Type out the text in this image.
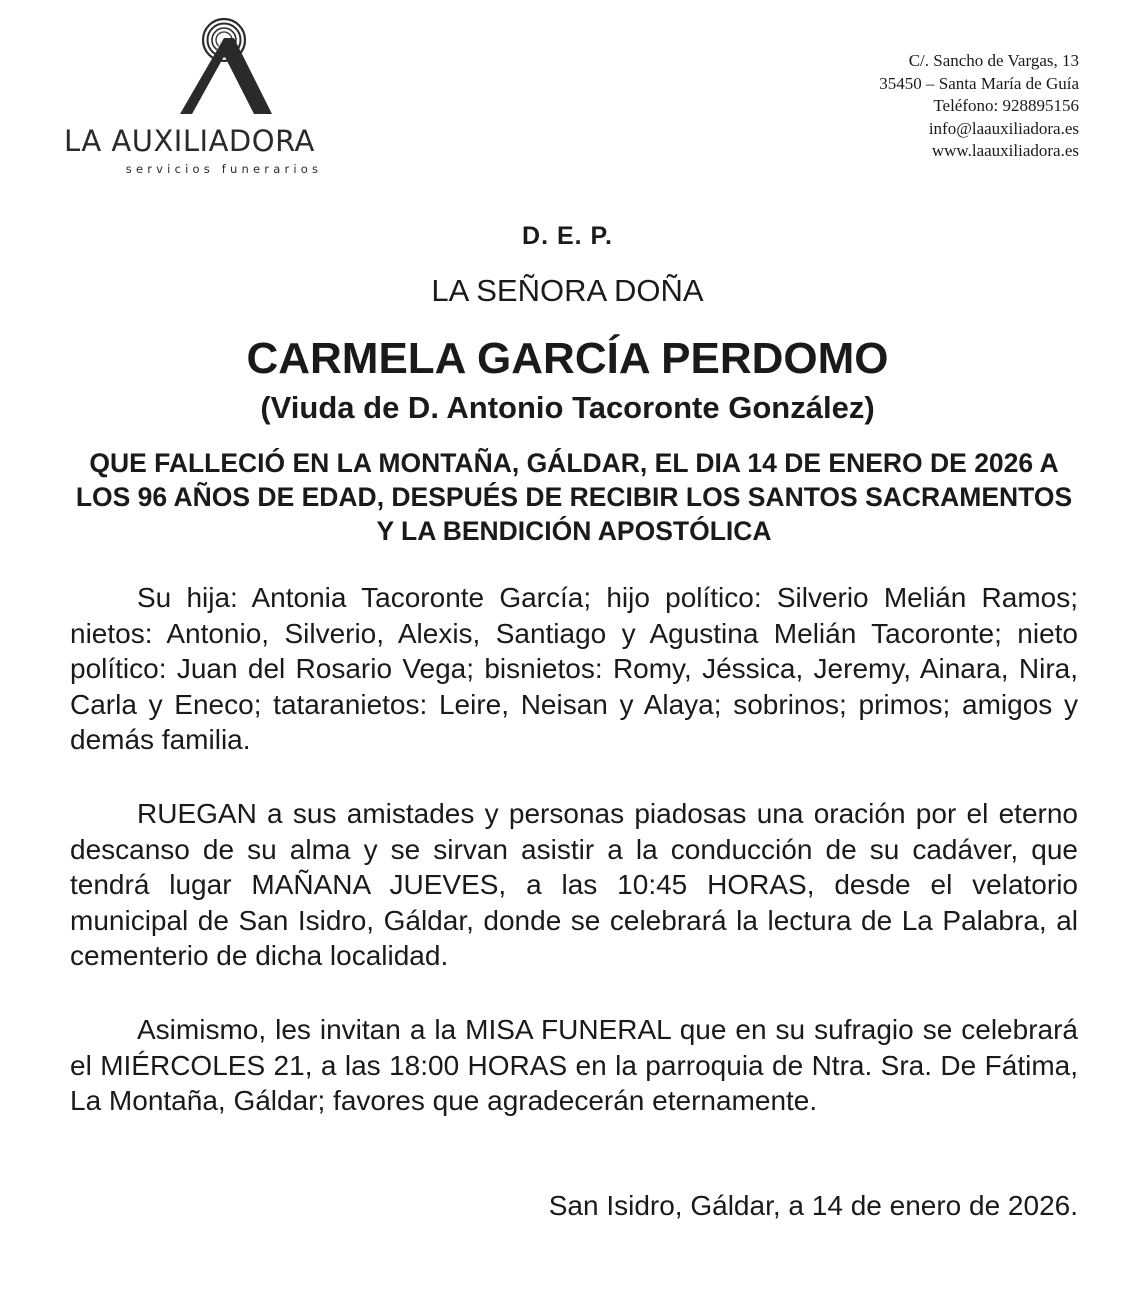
LA AUXILIADORA
servicios funerarios
C/. Sancho de Vargas, 13
35450 – Santa María de Guía
Teléfono: 928895156
info@laauxiliadora.es
www.laauxiliadora.es
D. E. P.
LA SEÑORA DOÑA
CARMELA GARCÍA PERDOMO
(Viuda de D. Antonio Tacoronte González)
QUE FALLECIÓ EN LA MONTAÑA, GÁLDAR, EL DIA 14 DE ENERO DE 2026 A LOS 96 AÑOS DE EDAD, DESPUÉS DE RECIBIR LOS SANTOS SACRAMENTOS Y LA BENDICIÓN APOSTÓLICA
Su hija: Antonia Tacoronte García; hijo político: Silverio Melián Ramos; nietos: Antonio, Silverio, Alexis, Santiago y Agustina Melián Tacoronte; nieto político: Juan del Rosario Vega; bisnietos: Romy, Jéssica, Jeremy, Ainara, Nira, Carla y Eneco; tataranietos: Leire, Neisan y Alaya; sobrinos; primos; amigos y demás familia.
RUEGAN a sus amistades y personas piadosas una oración por el eterno descanso de su alma y se sirvan asistir a la conducción de su cadáver, que tendrá lugar MAÑANA JUEVES, a las 10:45 HORAS, desde el velatorio municipal de San Isidro, Gáldar, donde se celebrará la lectura de La Palabra, al cementerio de dicha localidad.
Asimismo, les invitan a la MISA FUNERAL que en su sufragio se celebrará el MIÉRCOLES 21, a las 18:00 HORAS en la parroquia de Ntra. Sra. De Fátima, La Montaña, Gáldar; favores que agradecerán eternamente.
San Isidro, Gáldar, a 14 de enero de 2026.
